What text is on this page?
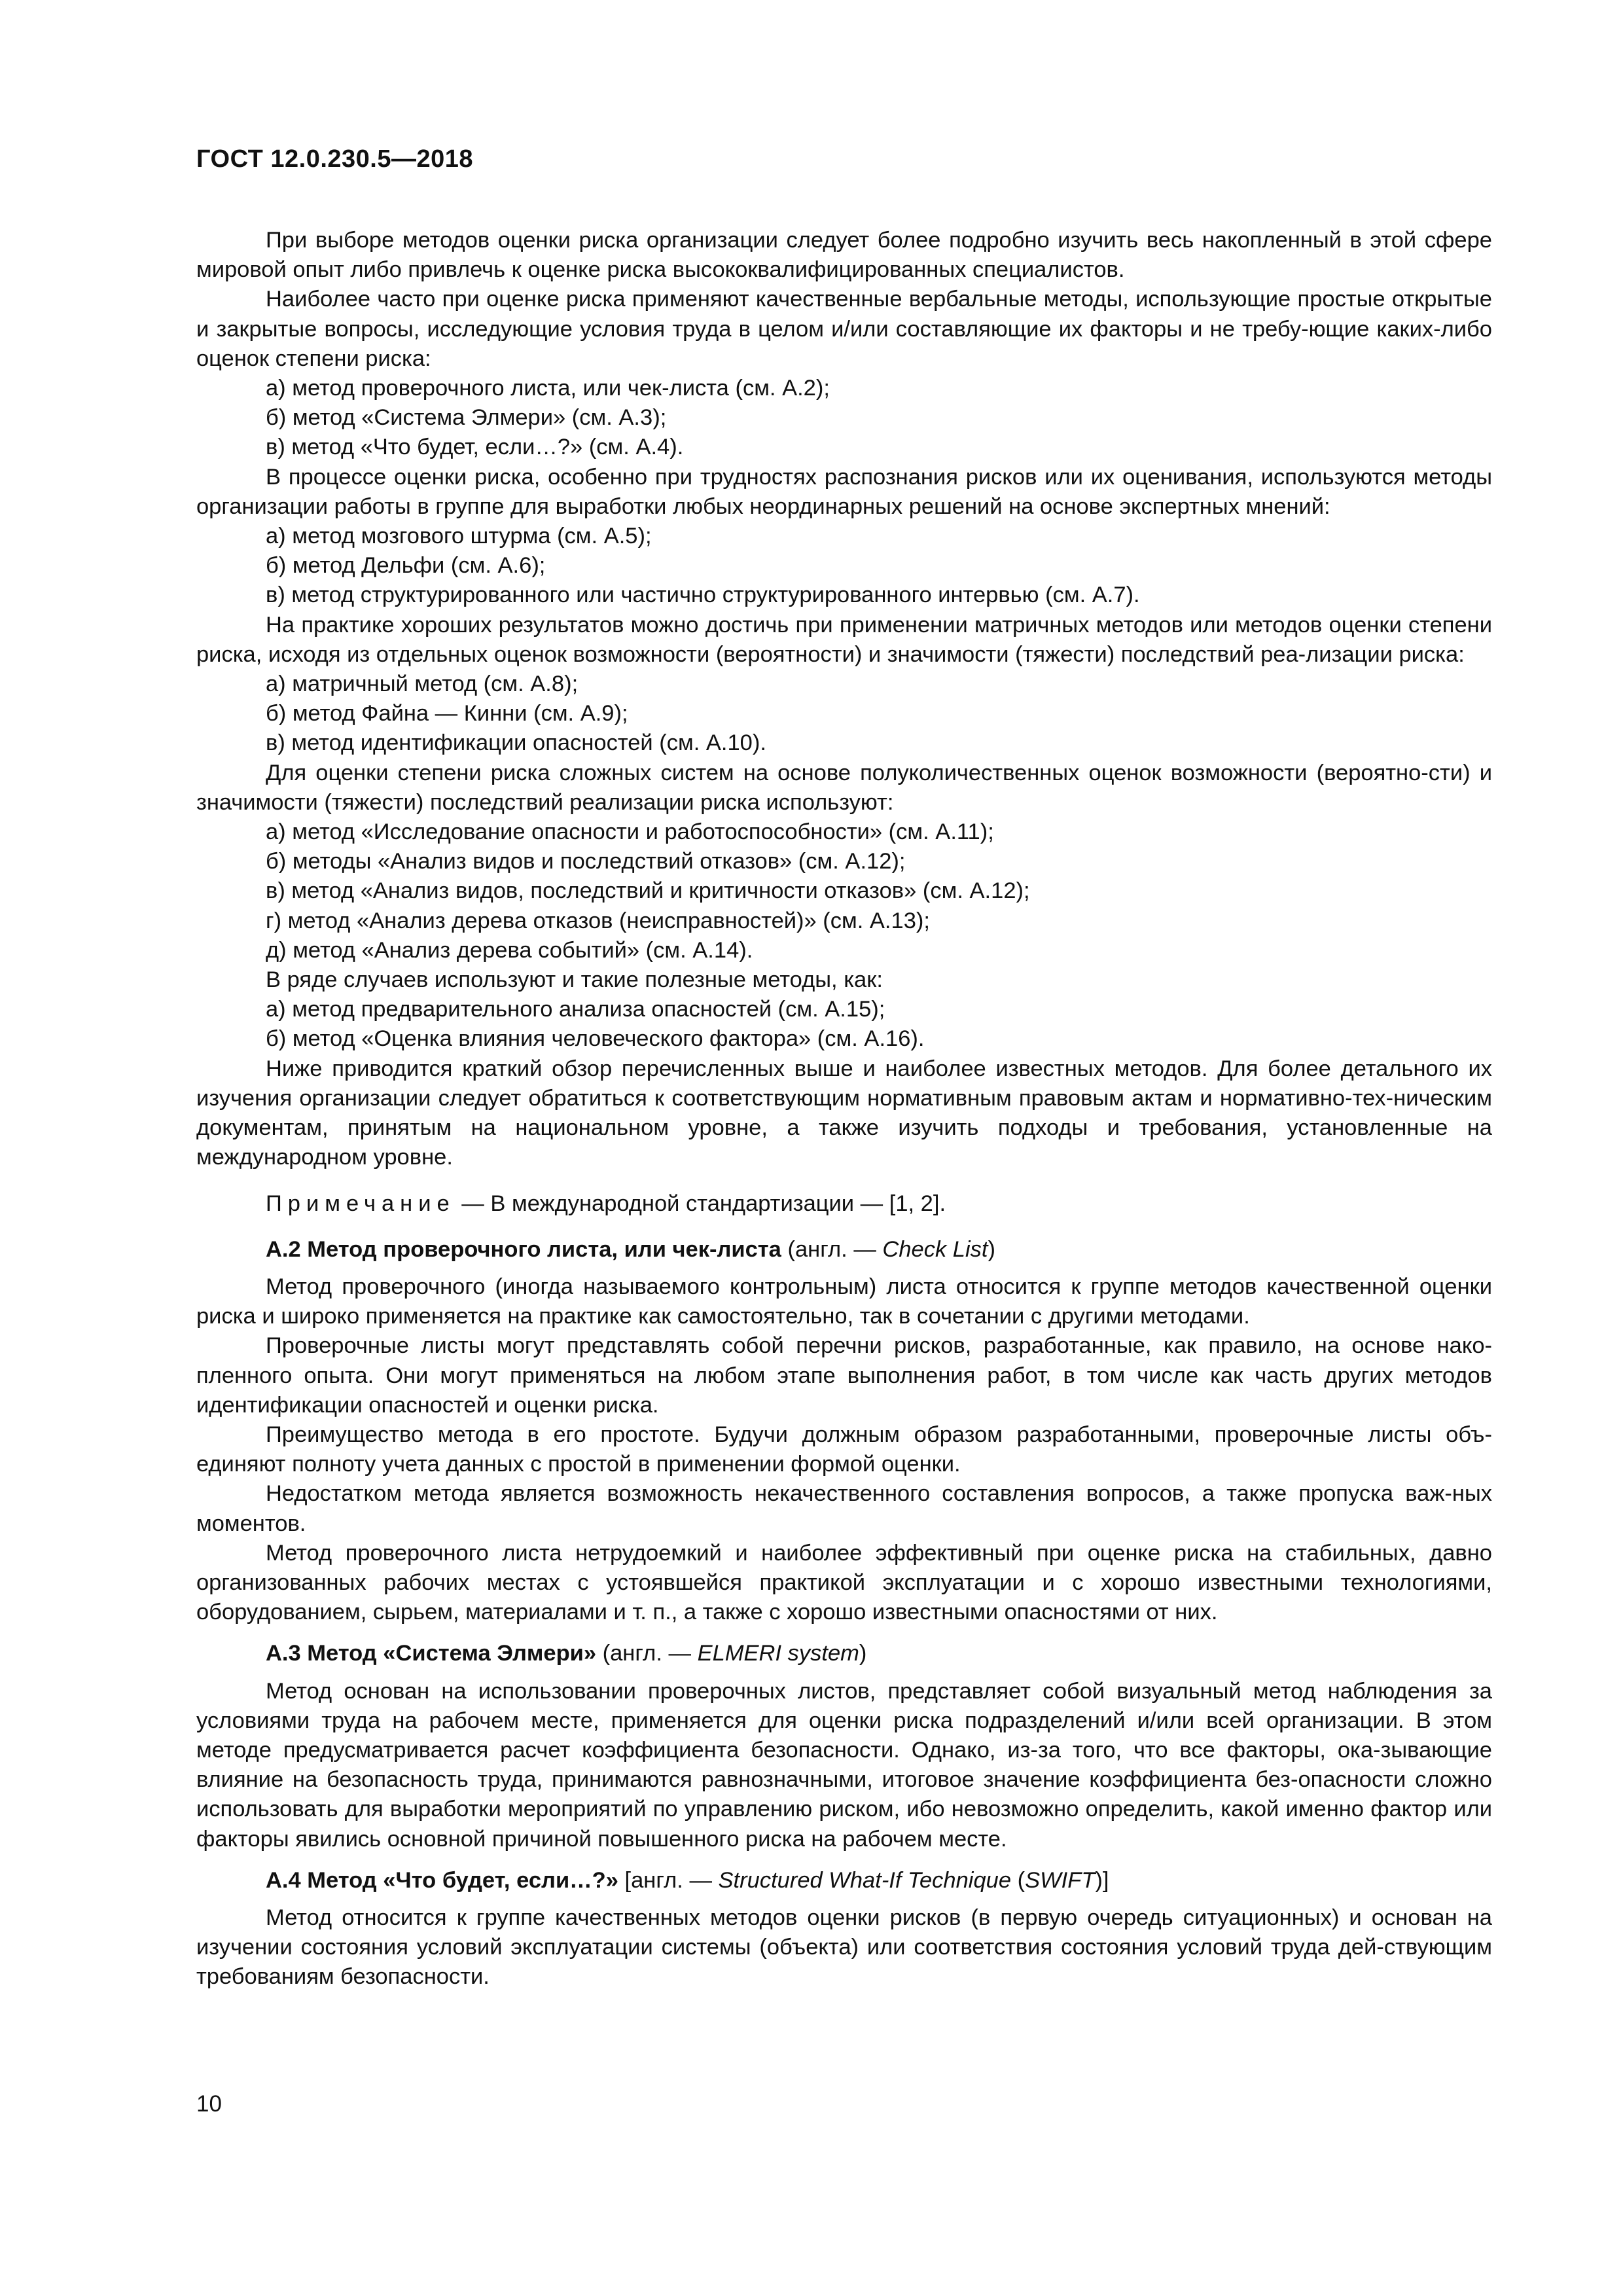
ГОСТ 12.0.230.5—2018

При выборе методов оценки риска организации следует более подробно изучить весь накопленный в этой сфере мировой опыт либо привлечь к оценке риска высококвалифицированных специалистов.

Наиболее часто при оценке риска применяют качественные вербальные методы, использующие простые открытые и закрытые вопросы, исследующие условия труда в целом и/или составляющие их факторы и не требу-ющие каких-либо оценок степени риска:

а) метод проверочного листа, или чек-листа (см. А.2);

б) метод «Система Элмери» (см. А.3);

в) метод «Что будет, если…?» (см. А.4).

В процессе оценки риска, особенно при трудностях распознания рисков или их оценивания, используются методы организации работы в группе для выработки любых неординарных решений на основе экспертных мнений:

а) метод мозгового штурма (см. А.5);

б) метод Дельфи (см. А.6);

в) метод структурированного или частично структурированного интервью (см. А.7).

На практике хороших результатов можно достичь при применении матричных методов или методов оценки степени риска, исходя из отдельных оценок возможности (вероятности) и значимости (тяжести) последствий реа-лизации риска:

а) матричный метод (см. А.8);

б) метод Файна — Кинни (см. А.9);

в) метод идентификации опасностей (см. А.10).

Для оценки степени риска сложных систем на основе полуколичественных оценок возможности (вероятно-сти) и значимости (тяжести) последствий реализации риска используют:

а) метод «Исследование опасности и работоспособности» (см. А.11);

б) методы «Анализ видов и последствий отказов» (см. А.12);

в) метод «Анализ видов, последствий и критичности отказов» (см. А.12);

г) метод «Анализ дерева отказов (неисправностей)» (см. А.13);

д) метод «Анализ дерева событий» (см. А.14).

В ряде случаев используют и такие полезные методы, как:

а) метод предварительного анализа опасностей (см. А.15);

б) метод «Оценка влияния человеческого фактора» (см. А.16).

Ниже приводится краткий обзор перечисленных выше и наиболее известных методов. Для более детального их изучения организации следует обратиться к соответствующим нормативным правовым актам и нормативно-тех-ническим документам, принятым на национальном уровне, а также изучить подходы и требования, установленные на международном уровне.

Примечание — В международной стандартизации — [1, 2].

А.2 Метод проверочного листа, или чек-листа (англ. — Check List)

Метод проверочного (иногда называемого контрольным) листа относится к группе методов качественной оценки риска и широко применяется на практике как самостоятельно, так в сочетании с другими методами.

Проверочные листы могут представлять собой перечни рисков, разработанные, как правило, на основе нако-пленного опыта. Они могут применяться на любом этапе выполнения работ, в том числе как часть других методов идентификации опасностей и оценки риска.

Преимущество метода в его простоте. Будучи должным образом разработанными, проверочные листы объ-единяют полноту учета данных с простой в применении формой оценки.

Недостатком метода является возможность некачественного составления вопросов, а также пропуска важ-ных моментов.

Метод проверочного листа нетрудоемкий и наиболее эффективный при оценке риска на стабильных, давно организованных рабочих местах с устоявшейся практикой эксплуатации и с хорошо известными технологиями, оборудованием, сырьем, материалами и т. п., а также с хорошо известными опасностями от них.

А.3 Метод «Система Элмери» (англ. — ELMERI system)

Метод основан на использовании проверочных листов, представляет собой визуальный метод наблюдения за условиями труда на рабочем месте, применяется для оценки риска подразделений и/или всей организации. В этом методе предусматривается расчет коэффициента безопасности. Однако, из-за того, что все факторы, ока-зывающие влияние на безопасность труда, принимаются равнозначными, итоговое значение коэффициента без-опасности сложно использовать для выработки мероприятий по управлению риском, ибо невозможно определить, какой именно фактор или факторы явились основной причиной повышенного риска на рабочем месте.

А.4 Метод «Что будет, если…?» [англ. — Structured What-If Technique (SWIFT)]

Метод относится к группе качественных методов оценки рисков (в первую очередь ситуационных) и основан на изучении состояния условий эксплуатации системы (объекта) или соответствия состояния условий труда дей-ствующим требованиям безопасности.

10
